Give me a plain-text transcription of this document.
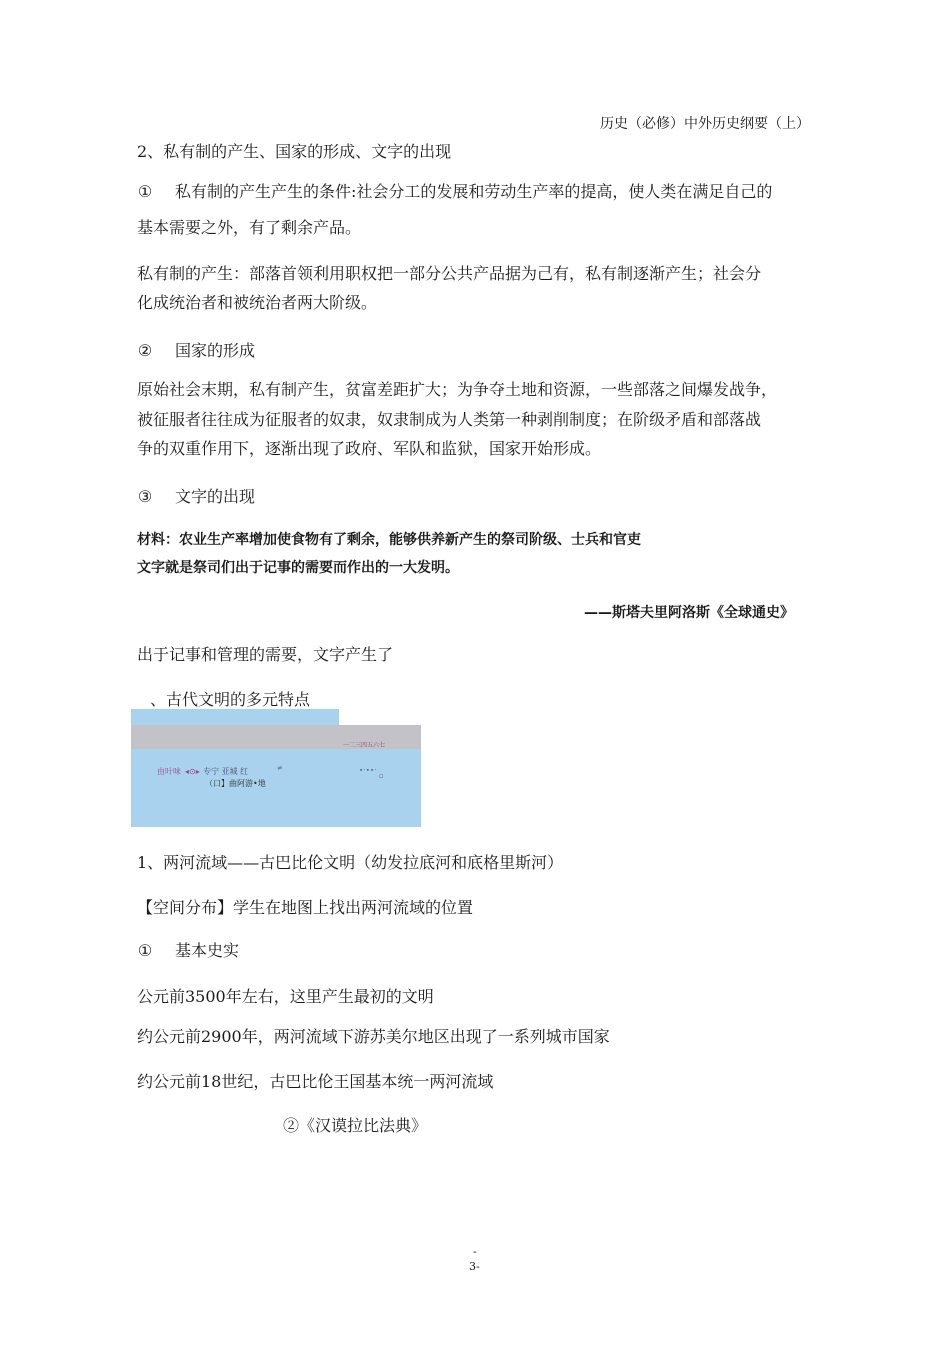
历史（必修）中外历史纲要（上）
2、私有制的产生、国家的形成、文字的出现
① 私有制的产生产生的条件:社会分工的发展和劳动生产率的提高，使人类在满足自己的
基本需要之外，有了剩余产品。
私有制的产生：部落首领利用职权把一部分公共产品据为己有，私有制逐渐产生；社会分
化成统治者和被统治者两大阶级。
② 国家的形成
原始社会末期，私有制产生，贫富差距扩大；为争夺土地和资源，一些部落之间爆发战争，
被征服者往往成为征服者的奴隶，奴隶制成为人类第一种剥削制度；在阶级矛盾和部落战
争的双重作用下，逐渐出现了政府、军队和监狱，国家开始形成。
③ 文字的出现
材料：农业生产率增加使食物有了剩余，能够供养新产生的祭司阶级、士兵和官吏
文字就是祭司们出于记事的需要而作出的一大发明。
——斯塔夫里阿洛斯《全球通史》
出于记事和管理的需要，文字产生了
、古代文明的多元特点
一二三四五六七
由叶味 ◂⊙▸ 专宁 亚城 红
（口】曲阿游•地
∙·∙∙·
≠
▫
1、两河流域——古巴比伦文明（幼发拉底河和底格里斯河）
【空间分布】学生在地图上找出两河流域的位置
① 基本史实
公元前3500年左右，这里产生最初的文明
约公元前2900年，两河流域下游苏美尔地区出现了一系列城市国家
约公元前18世纪，古巴比伦王国基本统一两河流域
②《汉谟拉比法典》
-
3-
